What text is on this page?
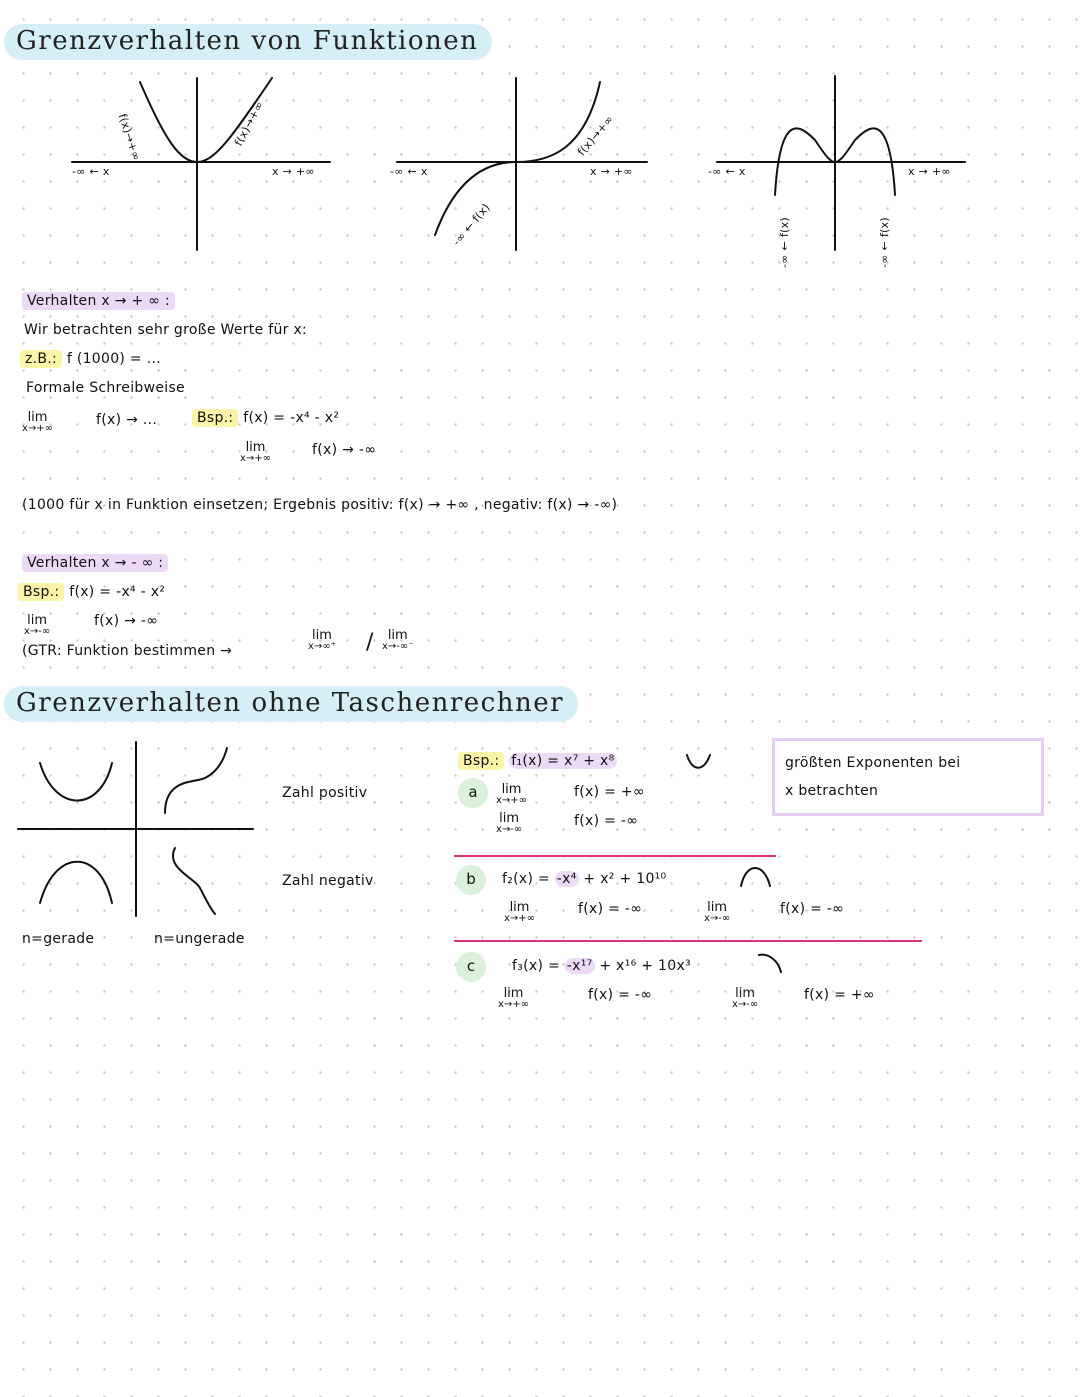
Grenzverhalten von Funktionen
-∞ ← x	x → +∞
f(x)→+∞	f(x)→+∞
-∞ ← x	x → +∞
f(x)→+∞
-∞ ← f(x)
-∞ ← x	x → +∞
-∞ ← f(x)	-∞ ← f(x)
Verhalten x → + ∞ :
Wir betrachten sehr große Werte für x:
z.B.: f (1000) = ...
Formale Schreibweise
lim
x→+∞
f(x) → ...	Bsp.: f(x) = -x⁴ - x²
lim
x→+∞
f(x) → -∞
(1000 für x in Funktion einsetzen; Ergebnis positiv: f(x) → +∞ , negativ: f(x) → -∞)
Verhalten x → - ∞ :
Bsp.: f(x) = -x⁴ - x²
lim
x→-∞
f(x) → -∞
(GTR: Funktion bestimmen →
lim
x→∞⁺ /	lim
x→-∞⁻
Grenzverhalten ohne Taschenrechner
Zahl positiv
Zahl negativ
n=gerade	n=ungerade
Bsp.: f₁(x) = x⁷ + x⁸
a	lim
x→+∞
f(x) = +∞
lim
x→-∞
f(x) = -∞
b	f₂(x) = -x⁴ + x² + 10¹⁰
lim
x→+∞
f(x) = -∞	lim
x→-∞
f(x) = -∞
c	f₃(x) = -x¹⁷ + x¹⁶ + 10x³
lim
x→+∞
f(x) = -∞	lim
x→-∞
f(x) = +∞
größten Exponenten bei
x betrachten
